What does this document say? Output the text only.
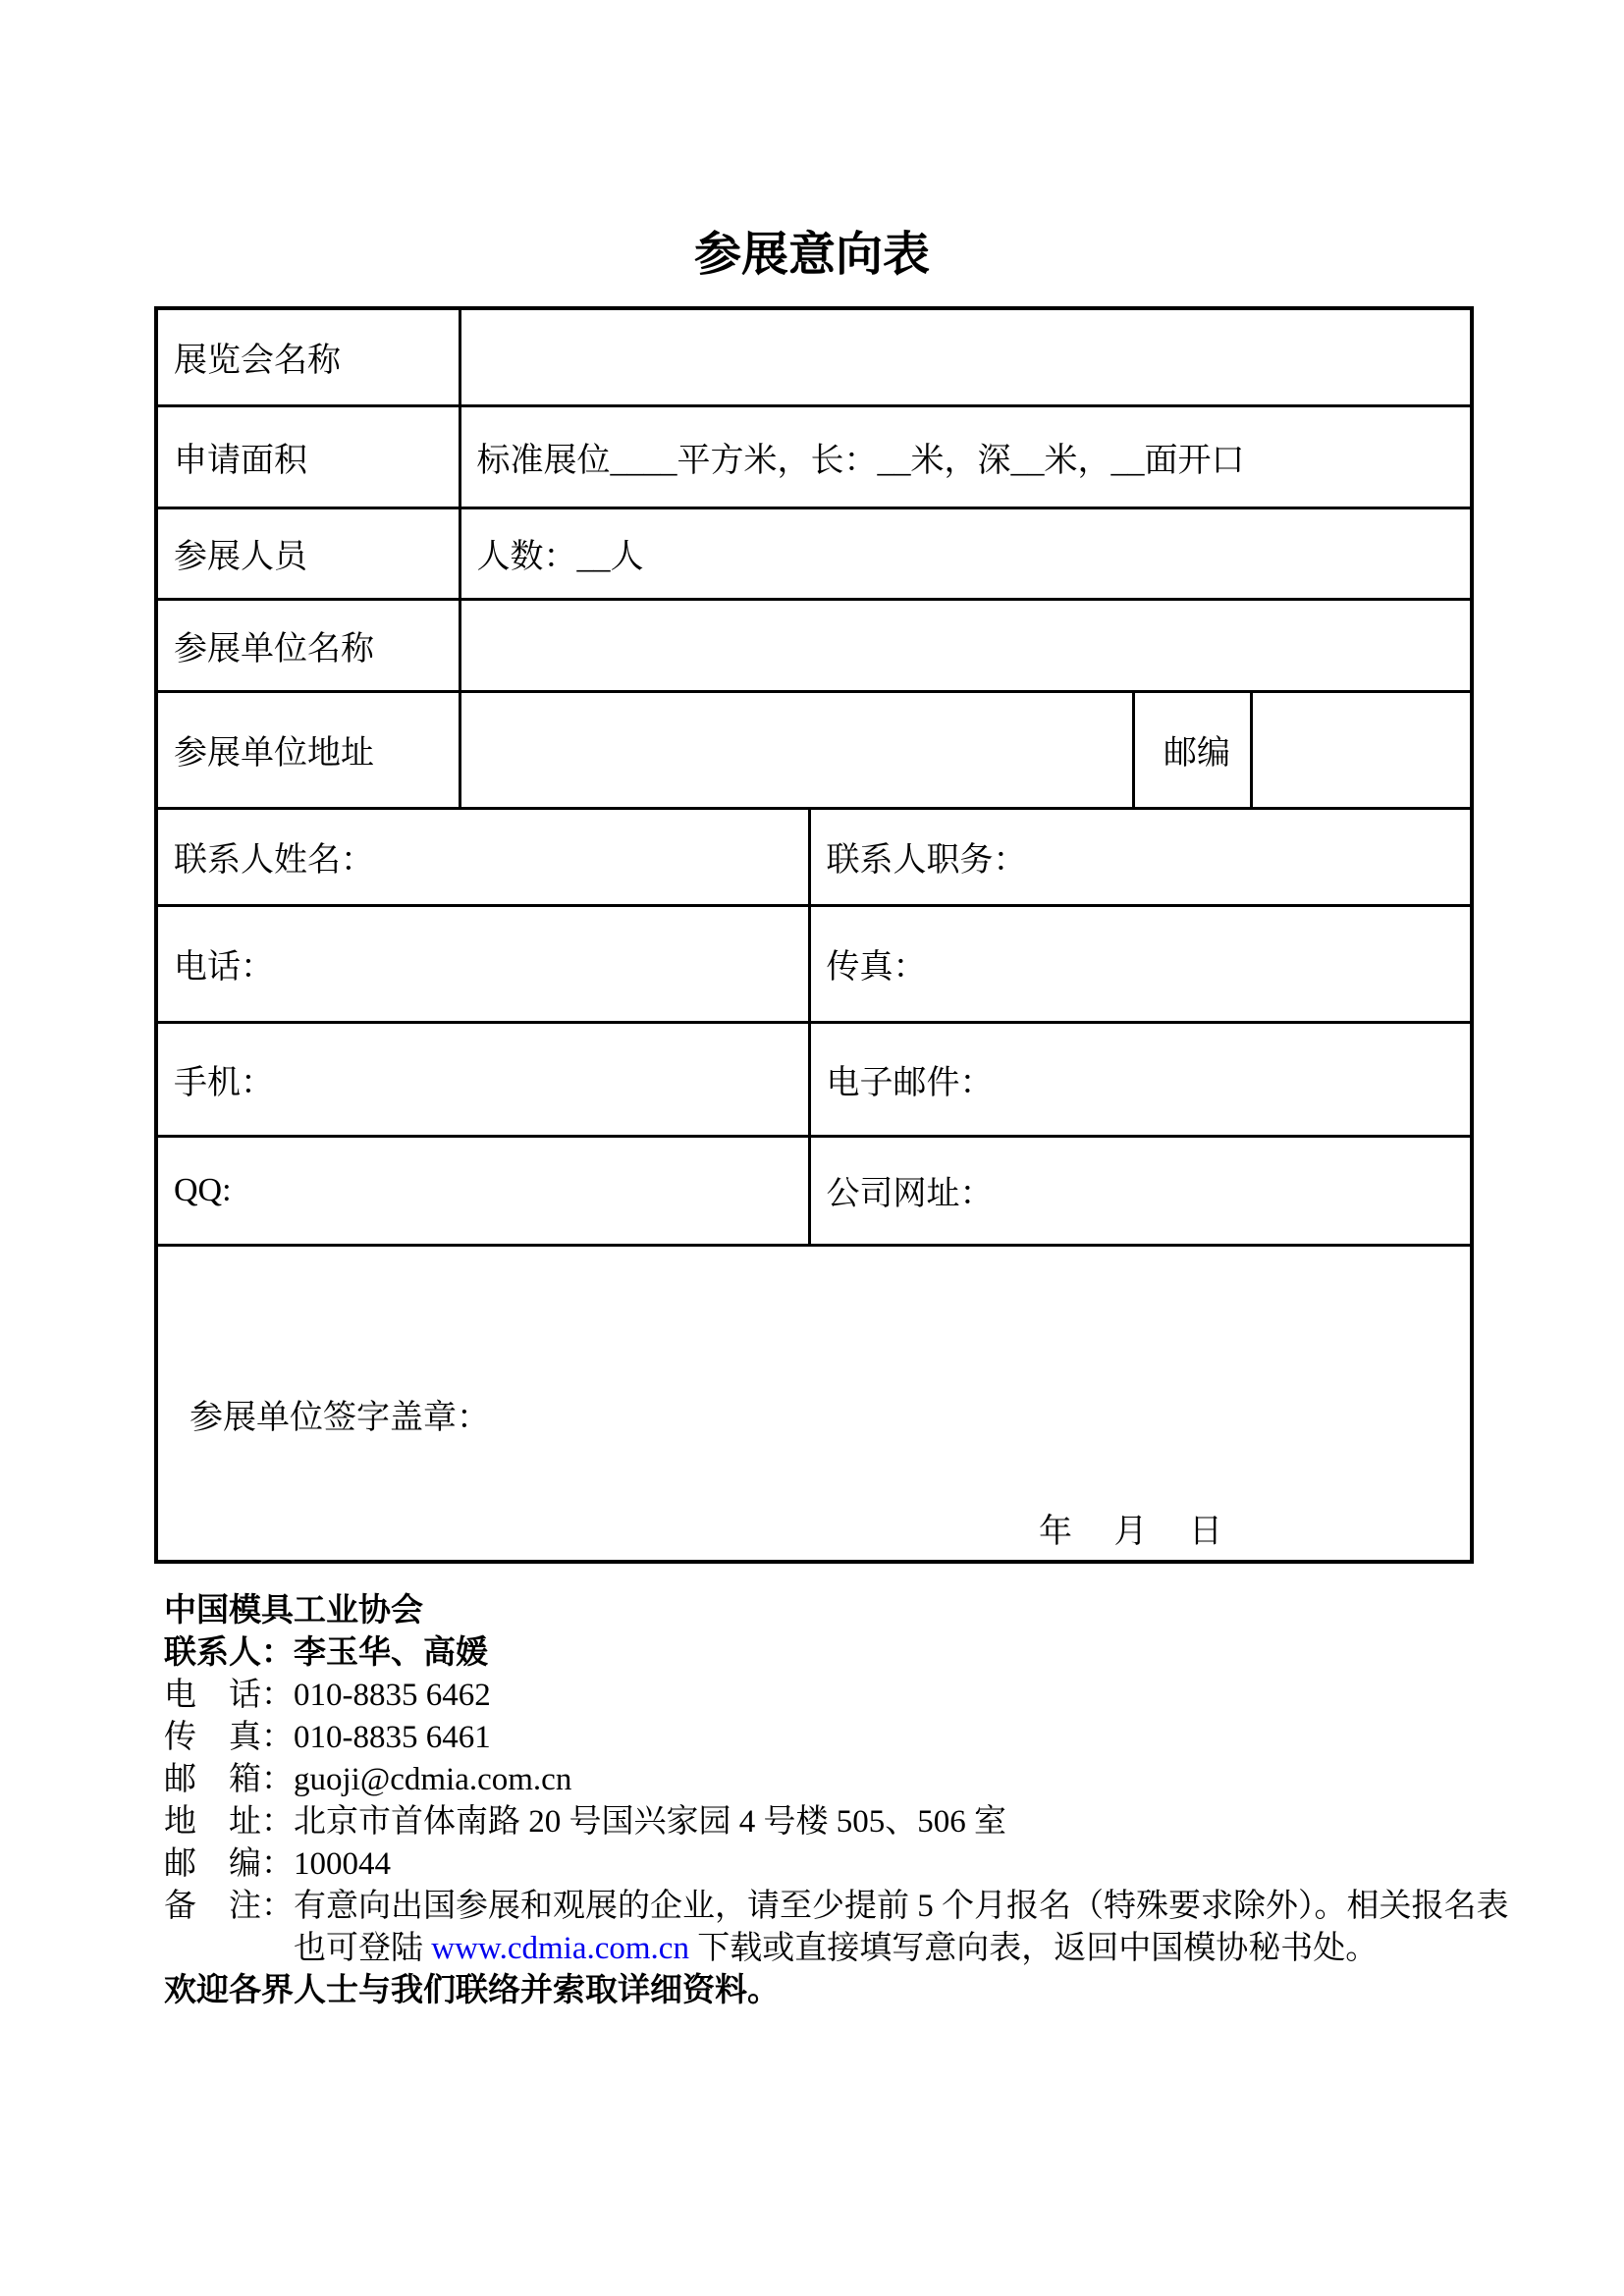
参展意向表
展览会名称				
申请面积	标准展位____平方米，长：__米，深__米，__面开口			
参展人员	人数：__人			
参展单位名称				
参展单位地址			邮编	
联系人姓名：		联系人职务：		
电话：		传真：		
手机：		电子邮件：		
QQ:		公司网址：		

参展单位签字盖章：
年　 月　 日				
中国模具工业协会
联系人：李玉华、高媛
电　话：010-8835 6462
传　真：010-8835 6461
邮　箱：guoji@cdmia.com.cn
地　址：北京市首体南路 20 号国兴家园 4 号楼 505、506 室
邮　编：100044
备　注： 有意向出国参展和观展的企业，请至少提前 5 个月报名（特殊要求除外）。相关报名表
也可登陆 www.cdmia.com.cn 下载或直接填写意向表，返回中国模协秘书处。
欢迎各界人士与我们联络并索取详细资料。
